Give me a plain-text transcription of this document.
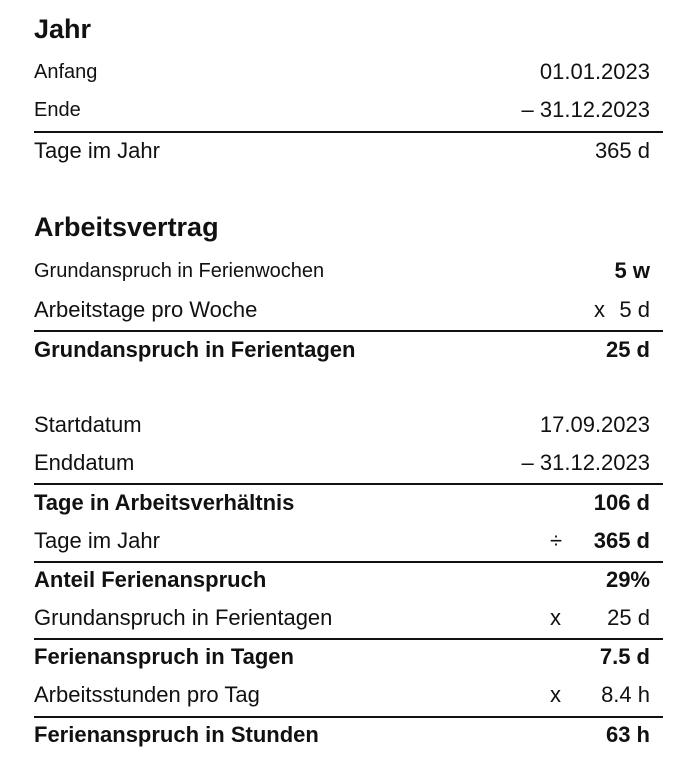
Jahr
Anfang	01.01.2023
Ende	– 31.12.2023
Tage im Jahr	365 d
Arbeitsvertrag
Grundanspruch in Ferienwochen	5 w
Arbeitstage pro Woche	x 5 d
Grundanspruch in Ferientagen	25 d
Startdatum	17.09.2023
Enddatum	– 31.12.2023
Tage in Arbeitsverhältnis	106 d
Tage im Jahr	÷ 365 d
Anteil Ferienanspruch	29%
Grundanspruch in Ferientagen	x 25 d
Ferienanspruch in Tagen	7.5 d
Arbeitsstunden pro Tag	x 8.4 h
Ferienanspruch in Stunden	63 h
